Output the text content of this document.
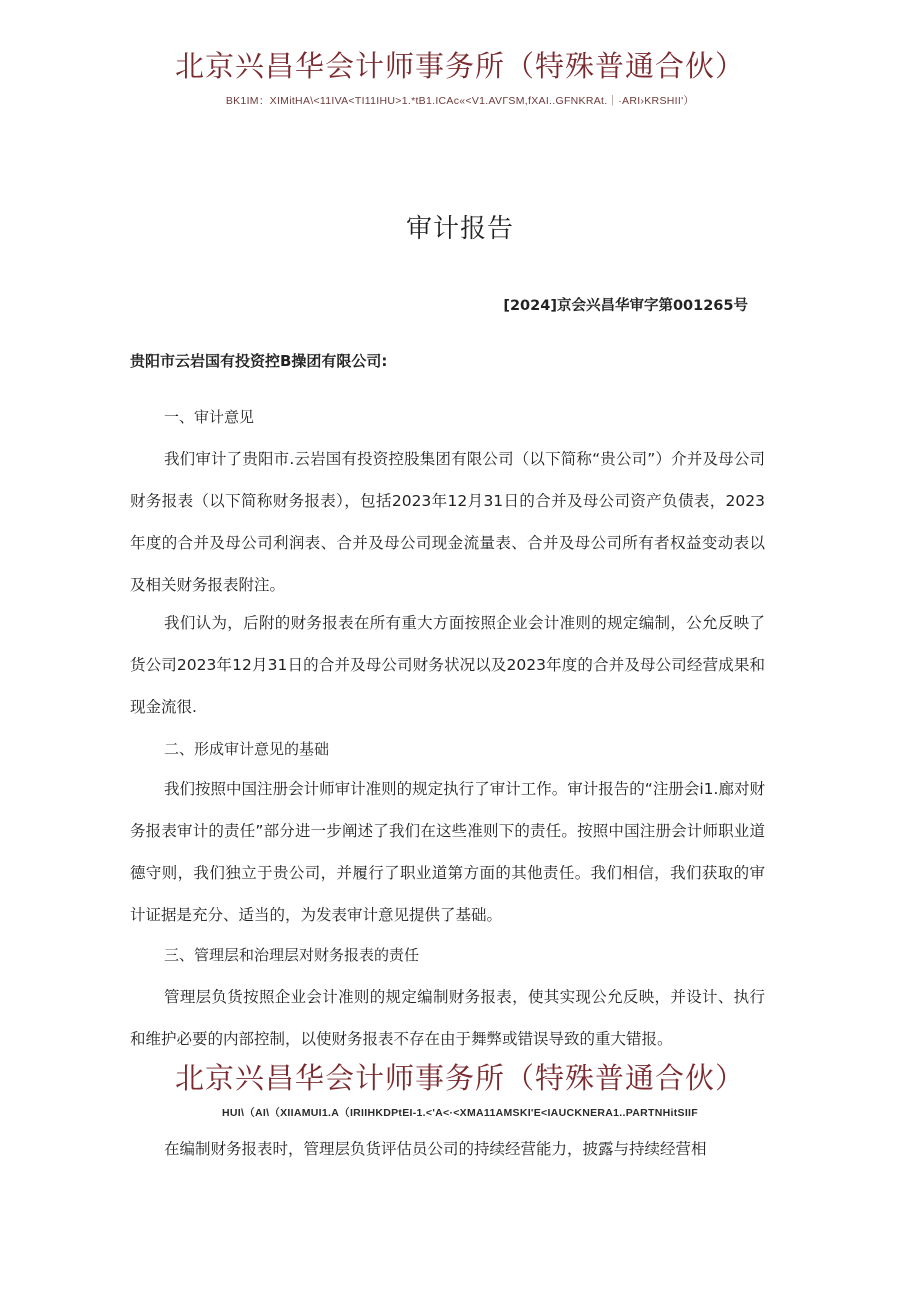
北京兴昌华会计师事务所（特殊普通合伙）
BK1IM：XIMitHA\<11IVA<TI11IHU>1.*tB1.ICAc«<V1.AVΓSM,fXAI..GFNKRAt.｜·ARI›KRSHII'）
审计报告
[2024]京会兴昌华审字第001265号
贵阳市云岩国有投资控B操团有限公司:
一、审计意见

我们审计了贵阳市.云岩国有投资控股集团有限公司（以下简称“贵公司”）介并及母公司财务报表（以下简称财务报表），包括2023年12月31日的合并及母公司资产负债表，2023年度的合并及母公司利润表、合并及母公司现金流量表、合并及母公司所有者权益变动表以及相关财务报表附注。

我们认为，后附的财务报表在所有重大方面按照企业会计准则的规定编制，公允反映了货公司2023年12月31日的合并及母公司财务状况以及2023年度的合并及母公司经营成果和现金流很.

二、形成审计意见的基础

我们按照中国注册会计师审计准则的规定执行了审计工作。审计报告的“注册会i1.廊对财务报表审计的责任”部分进一步阐述了我们在这些准则下的责任。按照中国注册会计师职业道德守则，我们独立于贵公司，并履行了职业道第方面的其他责任。我们相信，我们获取的审计证据是充分、适当的，为发表审计意见提供了基础。

三、管理层和治理层对财务报表的责任

管理层负货按照企业会计准则的规定编制财务报表，使其实现公允反映，并设计、执行和维护必要的内部控制，以使财务报表不存在由于舞弊或错误导致的重大错报。

北京兴昌华会计师事务所（特殊普通合伙）
HUI\（AI\（XIIAMUI1.A（IRIIHKDPtEI-1.<'A<·<XMA11AMSKI'E<IAUCKNERA1..PARTNHitSIIF

在编制财务报表时，管理层负货评估员公司的持续经营能力，披露与持续经营相
